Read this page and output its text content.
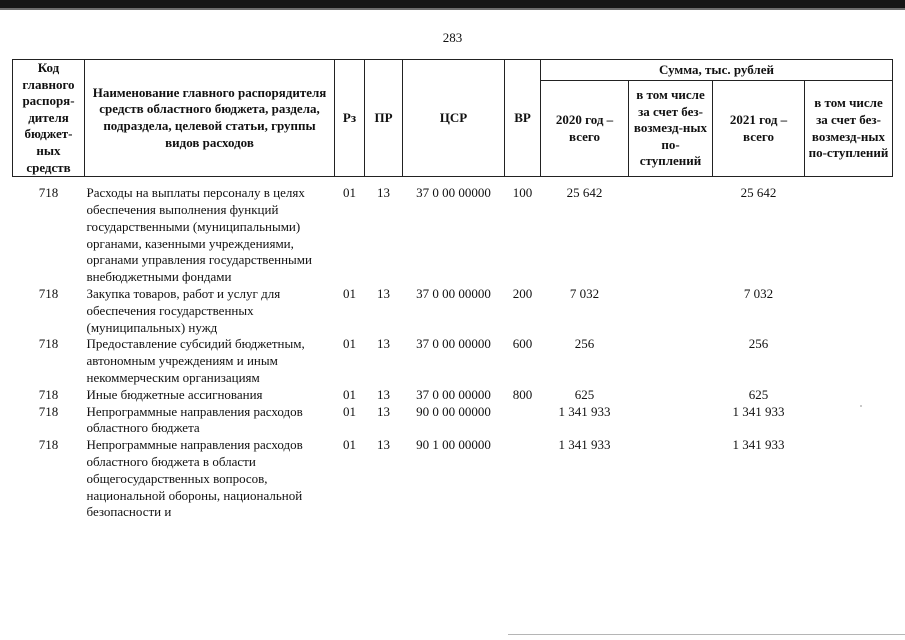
283
Код главного распоря-дителя бюджет-ных средств	Наименование главного распорядителя средств областного бюджета, раздела, подраздела, целевой статьи, группы видов расходов	Рз	ПР	ЦСР	ВР	Сумма, тыс. рублей			
						2020 год – всего	в том числе за счет без-возмезд-ных по-ступлений	2021 год – всего	в том числе за счет без-возмезд-ных по-ступлений
718	Расходы на выплаты персоналу в целях обеспечения выполнения функций государственными (муниципальными) органами, казенными учреждениями, органами управления государственными внебюджетными фондами	01	13	37 0 00 00000	100	25 642		25 642	
718	Закупка товаров, работ и услуг для обеспечения государственных (муниципальных) нужд	01	13	37 0 00 00000	200	7 032		7 032	
718	Предоставление субсидий бюджетным, автономным учреждениям и иным некоммерческим организациям	01	13	37 0 00 00000	600	256		256	
718	Иные бюджетные ассигнования	01	13	37 0 00 00000	800	625		625	
718	Непрограммные направления расходов областного бюджета	01	13	90 0 00 00000		1 341 933		1 341 933	
718	Непрограммные направления расходов областного бюджета в области общегосударственных вопросов, национальной обороны, национальной безопасности и	01	13	90 1 00 00000		1 341 933		1 341 933	
